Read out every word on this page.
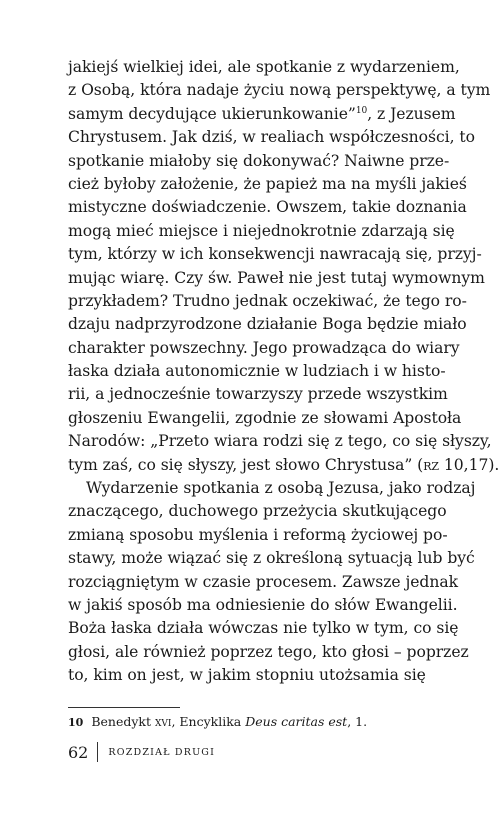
jakiejś wielkiej idei, ale spotkanie z wydarzeniem,
z Osobą, która nadaje życiu nową perspektywę, a tym
samym decydujące ukierunkowanie”$^{10}$, z Jezusem
Chrystusem. Jak dziś, w realiach współczesności, to
spotkanie miałoby się dokonywać? Naiwne prze-
cież byłoby założenie, że papież ma na myśli jakieś
mistyczne doświadczenie. Owszem, takie doznania
mogą mieć miejsce i niejednokrotnie zdarzają się
tym, którzy w ich konsekwencji nawracają się, przyj-
mując wiarę. Czy św. Paweł nie jest tutaj wymownym
przykładem? Trudno jednak oczekiwać, że tego ro-
dzaju nadprzyrodzone działanie Boga będzie miało
charakter powszechny. Jego prowadząca do wiary
łaska działa autonomicznie w ludziach i w histo-
rii, a jednocześnie towarzyszy przede wszystkim
głoszeniu Ewangelii, zgodnie ze słowami Apostoła
Narodów: „Przeto wiara rodzi się z tego, co się słyszy,
tym zaś, co się słyszy, jest słowo Chrystusa” (rz 10,17).
Wydarzenie spotkania z osobą Jezusa, jako rodzaj
znaczącego, duchowego przeżycia skutkującego
zmianą sposobu myślenia i reformą życiowej po-
stawy, może wiązać się z określoną sytuacją lub być
rozciągniętym w czasie procesem. Zawsze jednak
w jakiś sposób ma odniesienie do słów Ewangelii.
Boża łaska działa wówczas nie tylko w tym, co się
głosi, ale również poprzez tego, kto głosi – poprzez
to, kim on jest, w jakim stopniu utożsamia się
10 Benedykt xvi, Encyklika Deus caritas est, 1.
62 ROZDZIAŁ DRUGI
